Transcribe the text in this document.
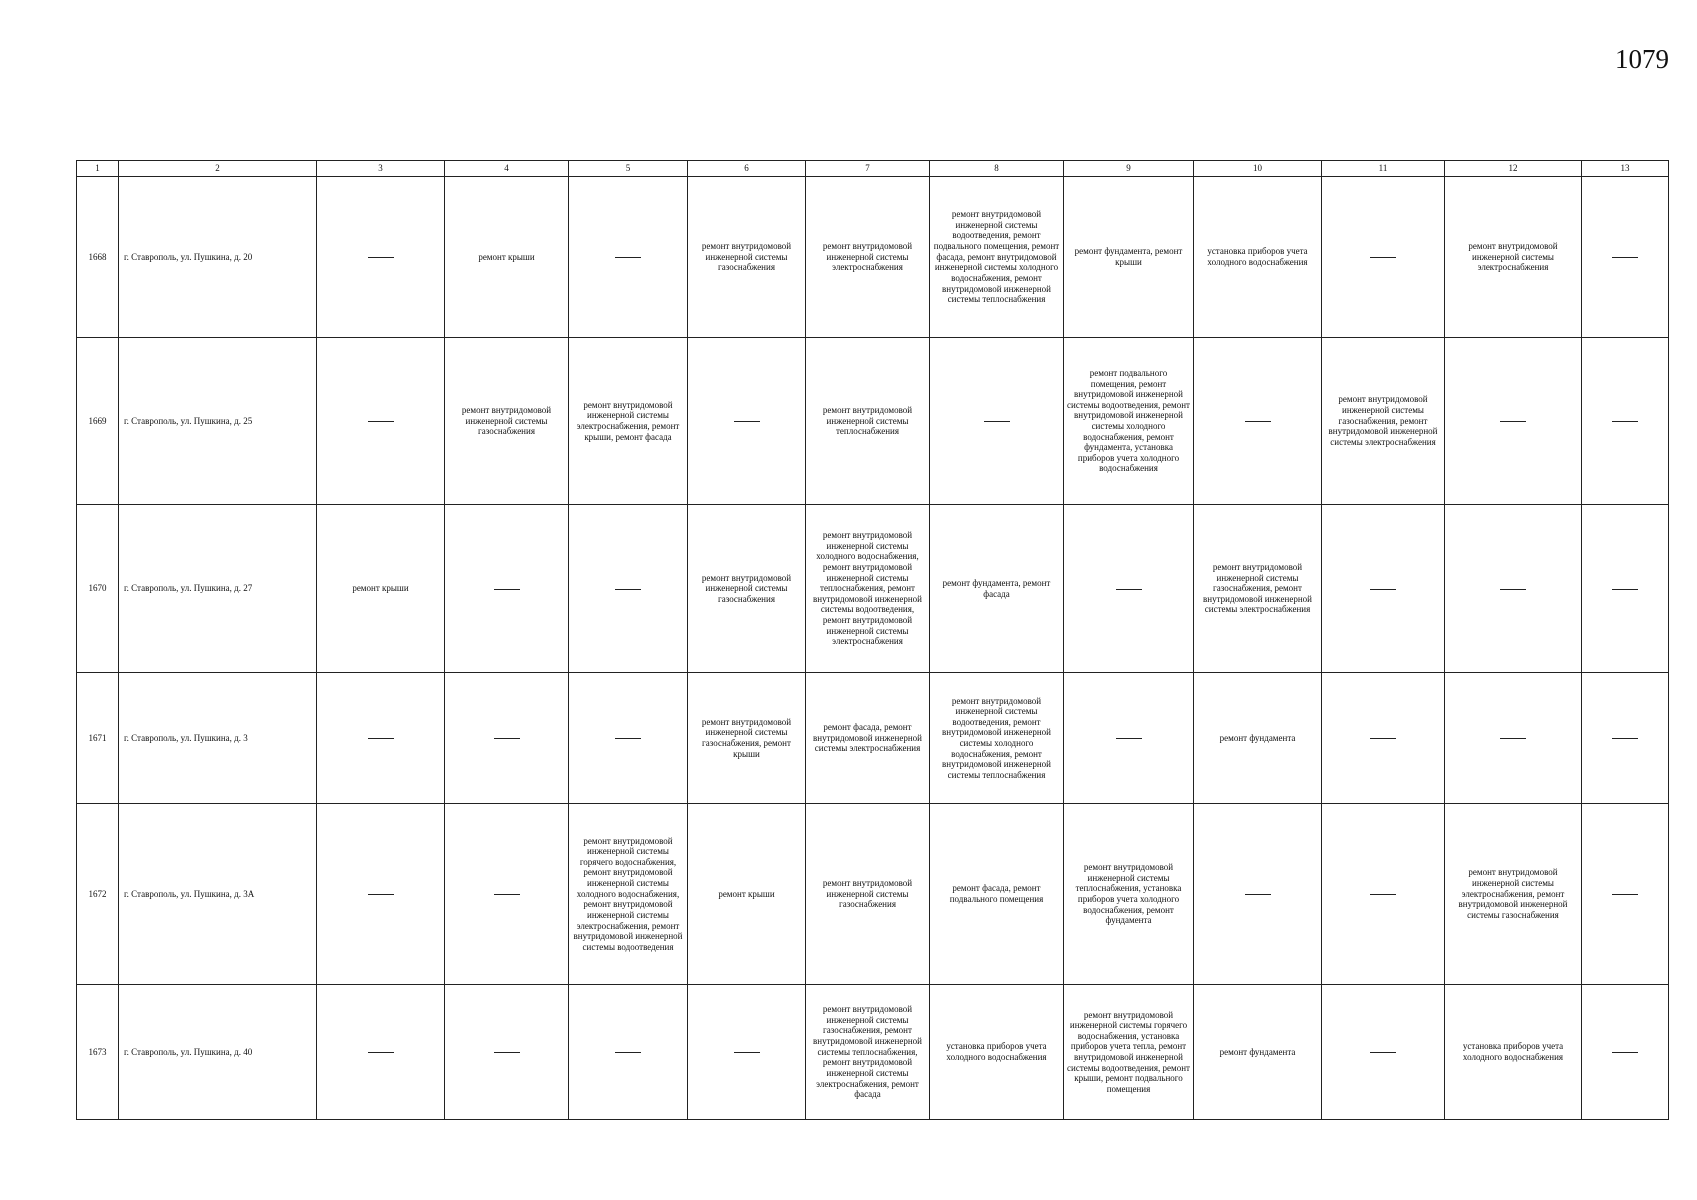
1079
1	2	3	4	5	6	7	8	9	10	11	12	13
1668	г. Ставрополь, ул. Пушкина, д. 20		ремонт крыши		ремонт внутридомовой инженерной системы газоснабжения	ремонт внутридомовой инженерной системы электроснабжения	ремонт внутридомовой инженерной системы водоотведения, ремонт подвального помещения, ремонт фасада, ремонт внутридомовой инженерной системы холодного водоснабжения, ремонт внутридомовой инженерной системы теплоснабжения	ремонт фундамента, ремонт крыши	установка приборов учета холодного водоснабжения		ремонт внутридомовой инженерной системы электроснабжения	
1669	г. Ставрополь, ул. Пушкина, д. 25		ремонт внутридомовой инженерной системы газоснабжения	ремонт внутридомовой инженерной системы электроснабжения, ремонт крыши, ремонт фасада		ремонт внутридомовой инженерной системы теплоснабжения		ремонт подвального помещения, ремонт внутридомовой инженерной системы водоотведения, ремонт внутридомовой инженерной системы холодного водоснабжения, ремонт фундамента, установка приборов учета холодного водоснабжения		ремонт внутридомовой инженерной системы газоснабжения, ремонт внутридомовой инженерной системы электроснабжения		
1670	г. Ставрополь, ул. Пушкина, д. 27	ремонт крыши			ремонт внутридомовой инженерной системы газоснабжения	ремонт внутридомовой инженерной системы холодного водоснабжения, ремонт внутридомовой инженерной системы теплоснабжения, ремонт внутридомовой инженерной системы водоотведения, ремонт внутридомовой инженерной системы электроснабжения	ремонт фундамента, ремонт фасада		ремонт внутридомовой инженерной системы газоснабжения, ремонт внутридомовой инженерной системы электроснабжения			
1671	г. Ставрополь, ул. Пушкина, д. 3				ремонт внутридомовой инженерной системы газоснабжения, ремонт крыши	ремонт фасада, ремонт внутридомовой инженерной системы электроснабжения	ремонт внутридомовой инженерной системы водоотведения, ремонт внутридомовой инженерной системы холодного водоснабжения, ремонт внутридомовой инженерной системы теплоснабжения		ремонт фундамента			
1672	г. Ставрополь, ул. Пушкина, д. 3А			ремонт внутридомовой инженерной системы горячего водоснабжения, ремонт внутридомовой инженерной системы холодного водоснабжения, ремонт внутридомовой инженерной системы электроснабжения, ремонт внутридомовой инженерной системы водоотведения	ремонт крыши	ремонт внутридомовой инженерной системы газоснабжения	ремонт фасада, ремонт подвального помещения	ремонт внутридомовой инженерной системы теплоснабжения, установка приборов учета холодного водоснабжения, ремонт фундамента			ремонт внутридомовой инженерной системы электроснабжения, ремонт внутридомовой инженерной системы газоснабжения	
1673	г. Ставрополь, ул. Пушкина, д. 40					ремонт внутридомовой инженерной системы газоснабжения, ремонт внутридомовой инженерной системы теплоснабжения, ремонт внутридомовой инженерной системы электроснабжения, ремонт фасада	установка приборов учета холодного водоснабжения	ремонт внутридомовой инженерной системы горячего водоснабжения, установка приборов учета тепла, ремонт внутридомовой инженерной системы водоотведения, ремонт крыши, ремонт подвального помещения	ремонт фундамента		установка приборов учета холодного водоснабжения	
